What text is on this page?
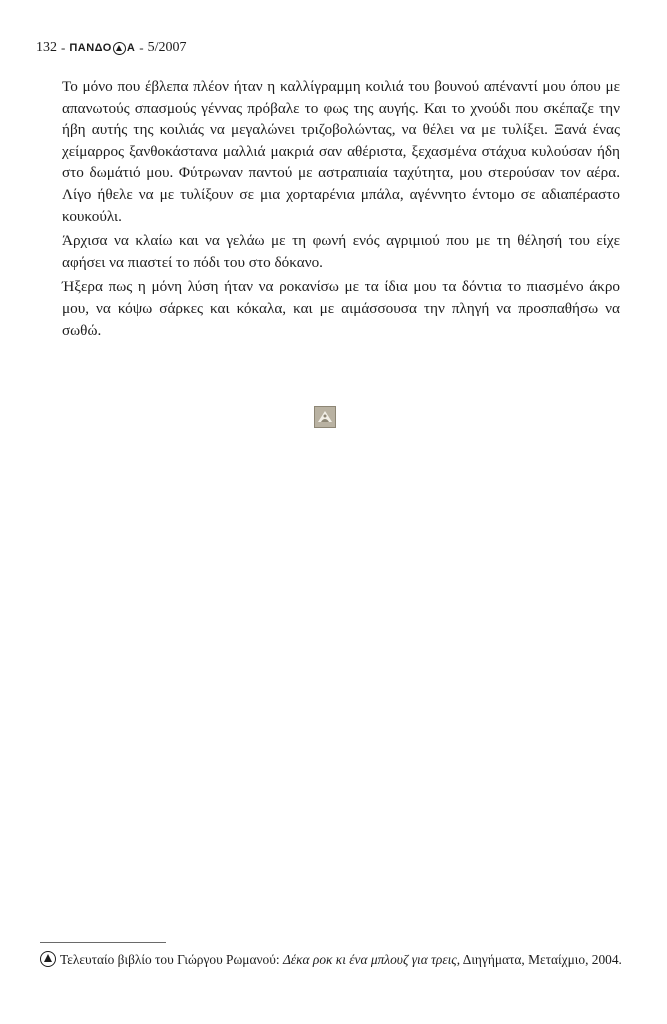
132 - ΠΑΝΔΟ Α - 5/2007

Το μόνο που έβλεπα πλέον ήταν η καλλίγραμμη κοιλιά του βουνού απέναντί μου όπου με απανωτούς σπασμούς γέννας πρόβαλε το φως της αυγής. Και το χνούδι που σκέπαζε την ήβη αυτής της κοιλιάς να μεγαλώνει τριζοβολώντας, να θέλει να με τυλίξει. Ξανά ένας χείμαρρος ξανθοκάστανα μαλλιά μακριά σαν αθέριστα, ξεχασμένα στάχυα κυλούσαν ήδη στο δωμάτιό μου. Φύτρωναν παντού με αστραπιαία ταχύτητα, μου στερούσαν τον αέρα. Λίγο ήθελε να με τυλίξουν σε μια χορταρένια μπάλα, αγέννητο έντομο σε αδιαπέραστο κουκούλι.

Άρχισα να κλαίω και να γελάω με τη φωνή ενός αγριμιού που με τη θέλησή του είχε αφήσει να πιαστεί το πόδι του στο δόκανο.

Ήξερα πως η μόνη λύση ήταν να ροκανίσω με τα ίδια μου τα δόντια το πιασμένο άκρο μου, να κόψω σάρκες και κόκαλα, και με αιμάσσουσα την πληγή να προσπαθήσω να σωθώ.

Τελευταίο βιβλίο του Γιώργου Ρωμανού: Δέκα ροκ κι ένα μπλουζ για τρεις, Διηγήματα, Μεταίχμιο, 2004.
